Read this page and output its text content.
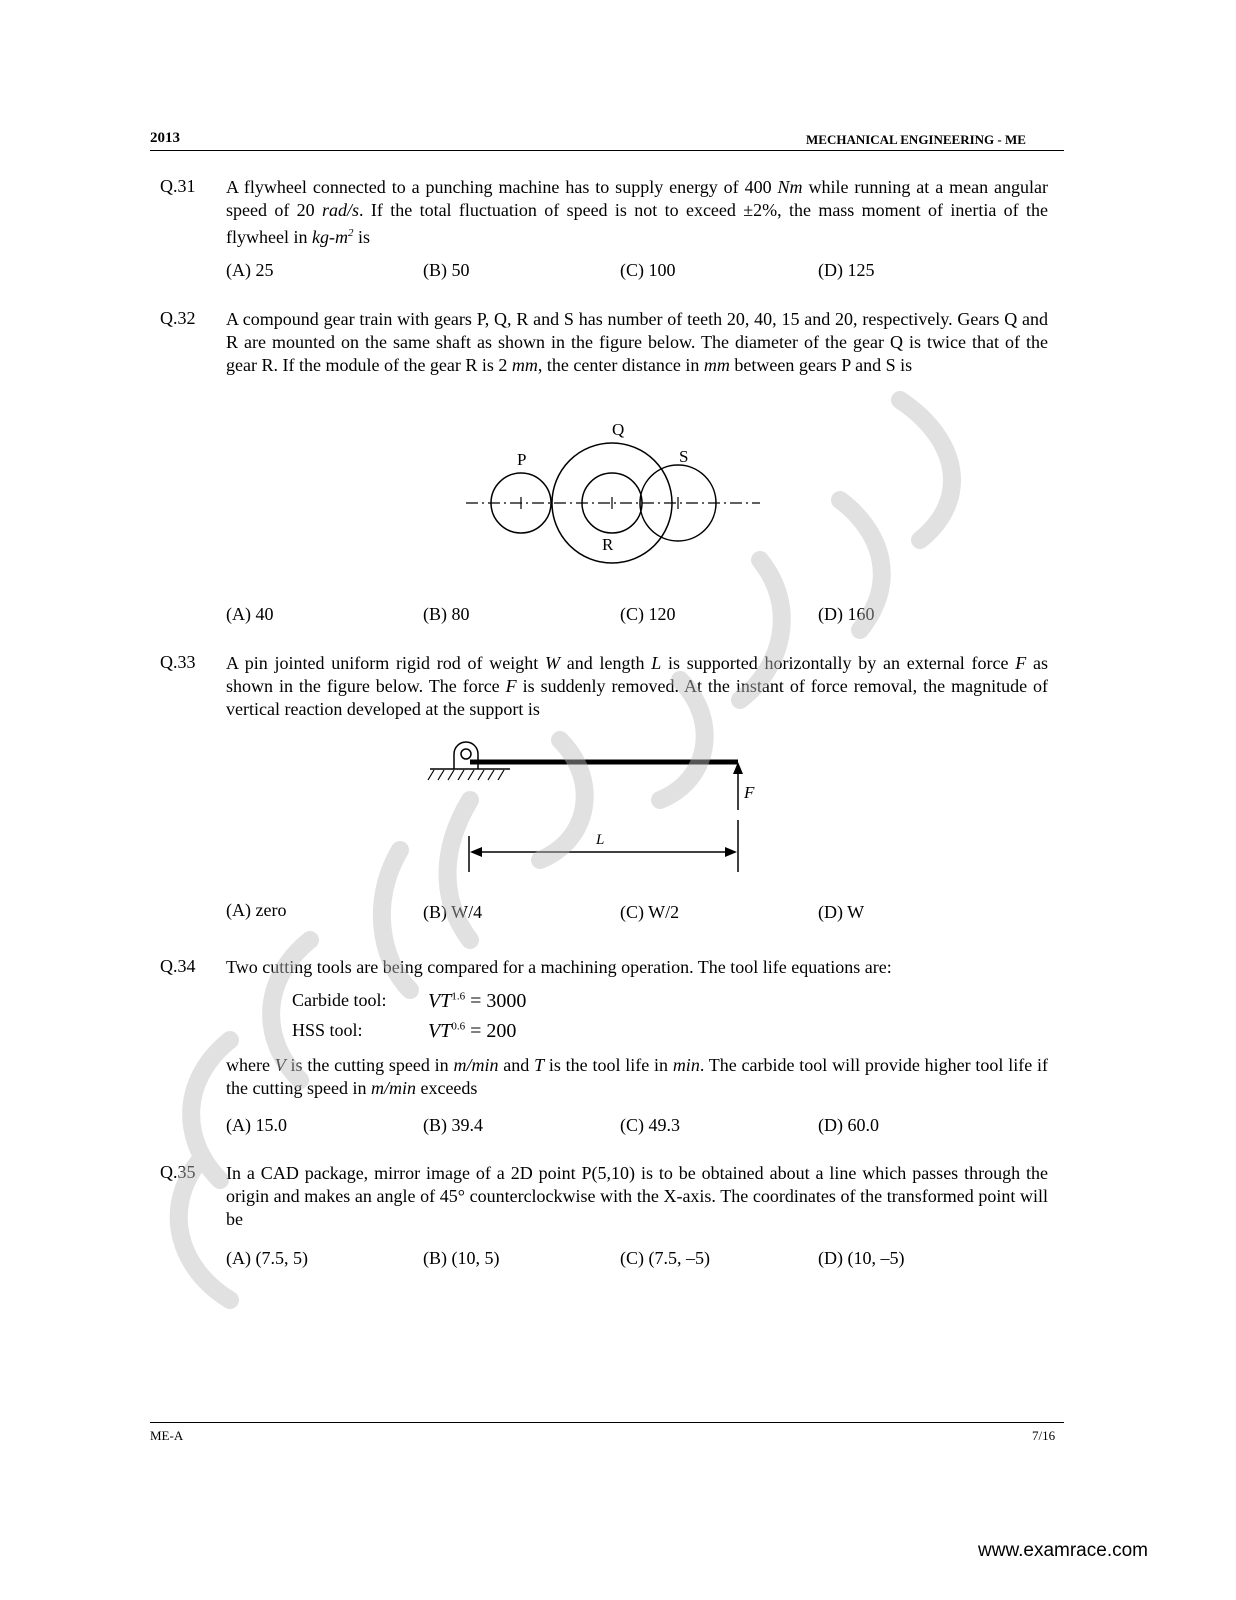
2013	MECHANICAL ENGINEERING - ME
Q.31 A flywheel connected to a punching machine has to supply energy of 400 Nm while running at a mean angular speed of 20 rad/s. If the total fluctuation of speed is not to exceed ±2%, the mass moment of inertia of the flywheel in $kg-m^2$ is
(A) 25	(B) 50	(C) 100	(D) 125
Q.32 A compound gear train with gears P, Q, R and S has number of teeth 20, 40, 15 and 20, respectively. Gears Q and R are mounted on the same shaft as shown in the figure below. The diameter of the gear Q is twice that of the gear R. If the module of the gear R is 2 mm, the center distance in mm between gears P and S is
P
Q
R
S
(A) 40	(B) 80	(C) 120	(D) 160
Q.33 A pin jointed uniform rigid rod of weight W and length L is supported horizontally by an external force F as shown in the figure below. The force F is suddenly removed. At the instant of force removal, the magnitude of vertical reaction developed at the support is
F
L
(A) zero	(B) W/4	(C) W/2	(D) W
Q.34 Two cutting tools are being compared for a machining operation. The tool life equations are:
Carbide tool: $VT^{1.6} = 3000$
HSS tool:	$VT^{0.6} = 200$
where V is the cutting speed in m/min and T is the tool life in min. The carbide tool will provide higher tool life if the cutting speed in m/min exceeds
(A) 15.0	(B) 39.4	(C) 49.3	(D) 60.0
Q.35 In a CAD package, mirror image of a 2D point P(5,10) is to be obtained about a line which passes through the origin and makes an angle of 45° counterclockwise with the X-axis. The coordinates of the transformed point will be
(A) (7.5, 5)	(B) (10, 5)	(C) (7.5, –5)	(D) (10, –5)
ME-A	7/16
www.examrace.com
